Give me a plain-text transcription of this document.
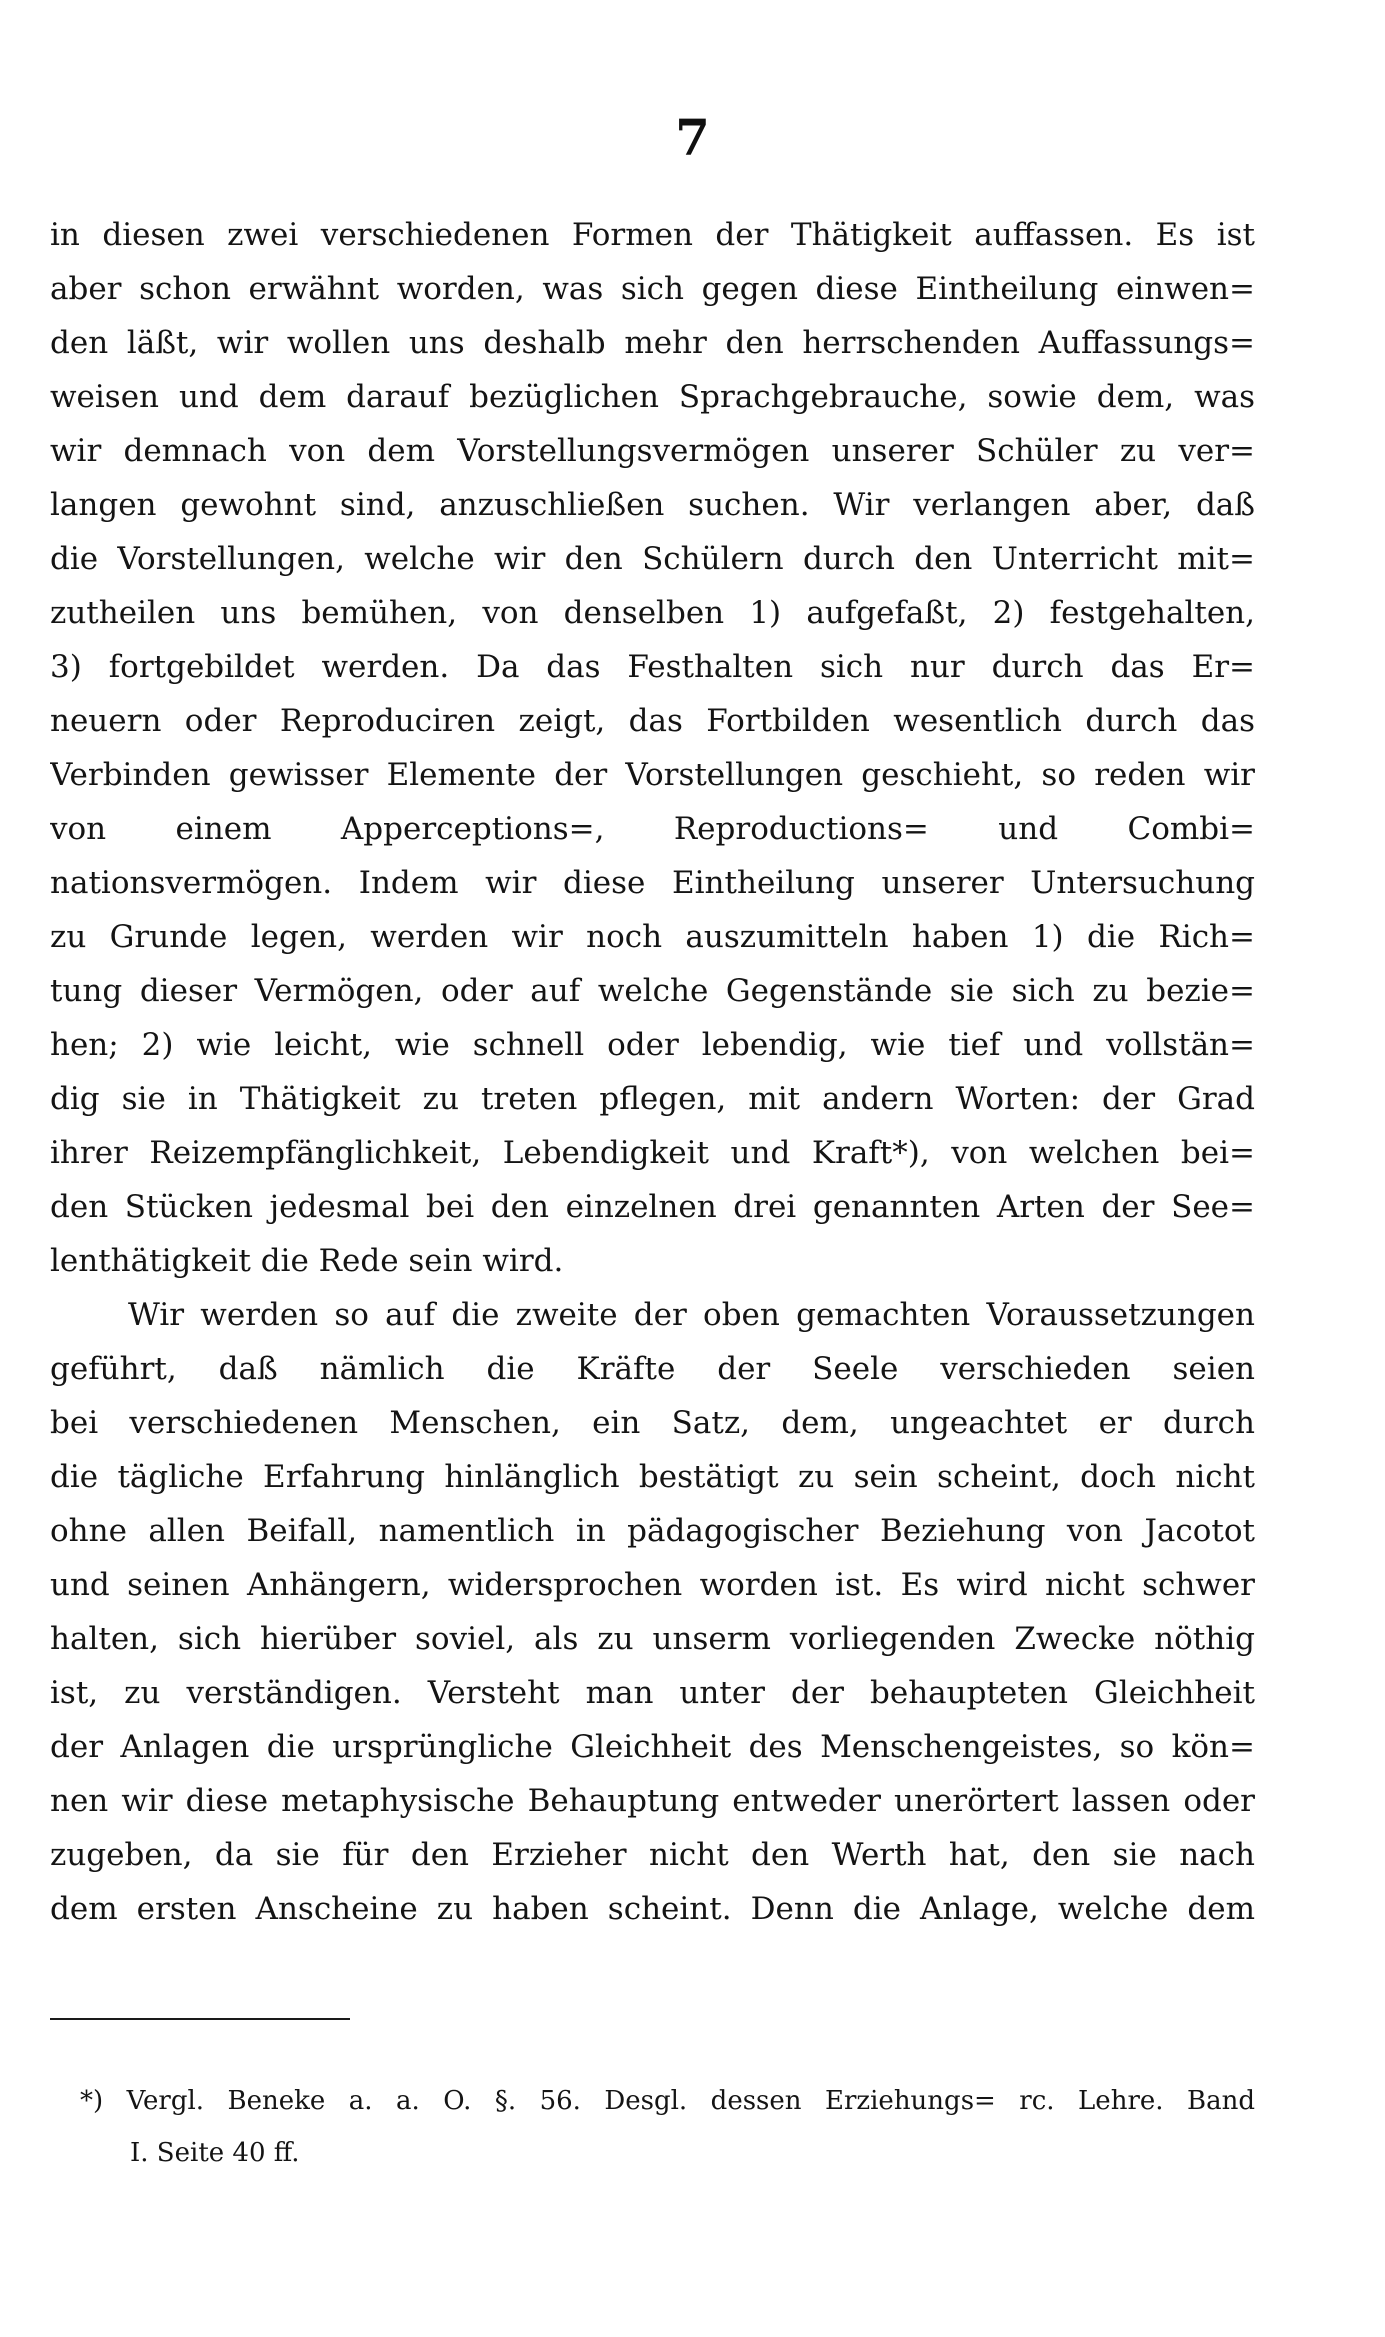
7
in diesen zwei verschiedenen Formen der Thätigkeit auffassen. Es ist
aber schon erwähnt worden, was sich gegen diese Eintheilung einwen=
den läßt, wir wollen uns deshalb mehr den herrschenden Auffassungs=
weisen und dem darauf bezüglichen Sprachgebrauche, sowie dem, was
wir demnach von dem Vorstellungsvermögen unserer Schüler zu ver=
langen gewohnt sind, anzuschließen suchen. Wir verlangen aber, daß
die Vorstellungen, welche wir den Schülern durch den Unterricht mit=
zutheilen uns bemühen, von denselben 1) aufgefaßt, 2) festgehalten,
3) fortgebildet werden. Da das Festhalten sich nur durch das Er=
neuern oder Reproduciren zeigt, das Fortbilden wesentlich durch das
Verbinden gewisser Elemente der Vorstellungen geschieht, so reden wir
von einem Apperceptions=, Reproductions= und Combi=
nationsvermögen. Indem wir diese Eintheilung unserer Untersuchung
zu Grunde legen, werden wir noch auszumitteln haben 1) die Rich=
tung dieser Vermögen, oder auf welche Gegenstände sie sich zu bezie=
hen; 2) wie leicht, wie schnell oder lebendig, wie tief und vollstän=
dig sie in Thätigkeit zu treten pflegen, mit andern Worten: der Grad
ihrer Reizempfänglichkeit, Lebendigkeit und Kraft*), von welchen bei=
den Stücken jedesmal bei den einzelnen drei genannten Arten der See=
lenthätigkeit die Rede sein wird.
Wir werden so auf die zweite der oben gemachten Voraussetzungen
geführt, daß nämlich die Kräfte der Seele verschieden seien
bei verschiedenen Menschen, ein Satz, dem, ungeachtet er durch
die tägliche Erfahrung hinlänglich bestätigt zu sein scheint, doch nicht
ohne allen Beifall, namentlich in pädagogischer Beziehung von Jacotot
und seinen Anhängern, widersprochen worden ist. Es wird nicht schwer
halten, sich hierüber soviel, als zu unserm vorliegenden Zwecke nöthig
ist, zu verständigen. Versteht man unter der behaupteten Gleichheit
der Anlagen die ursprüngliche Gleichheit des Menschengeistes, so kön=
nen wir diese metaphysische Behauptung entweder unerörtert lassen oder
zugeben, da sie für den Erzieher nicht den Werth hat, den sie nach
dem ersten Anscheine zu haben scheint. Denn die Anlage, welche dem
*) Vergl. Beneke a. a. O. §. 56. Desgl. dessen Erziehungs= rc. Lehre. Band
I. Seite 40 ff.
